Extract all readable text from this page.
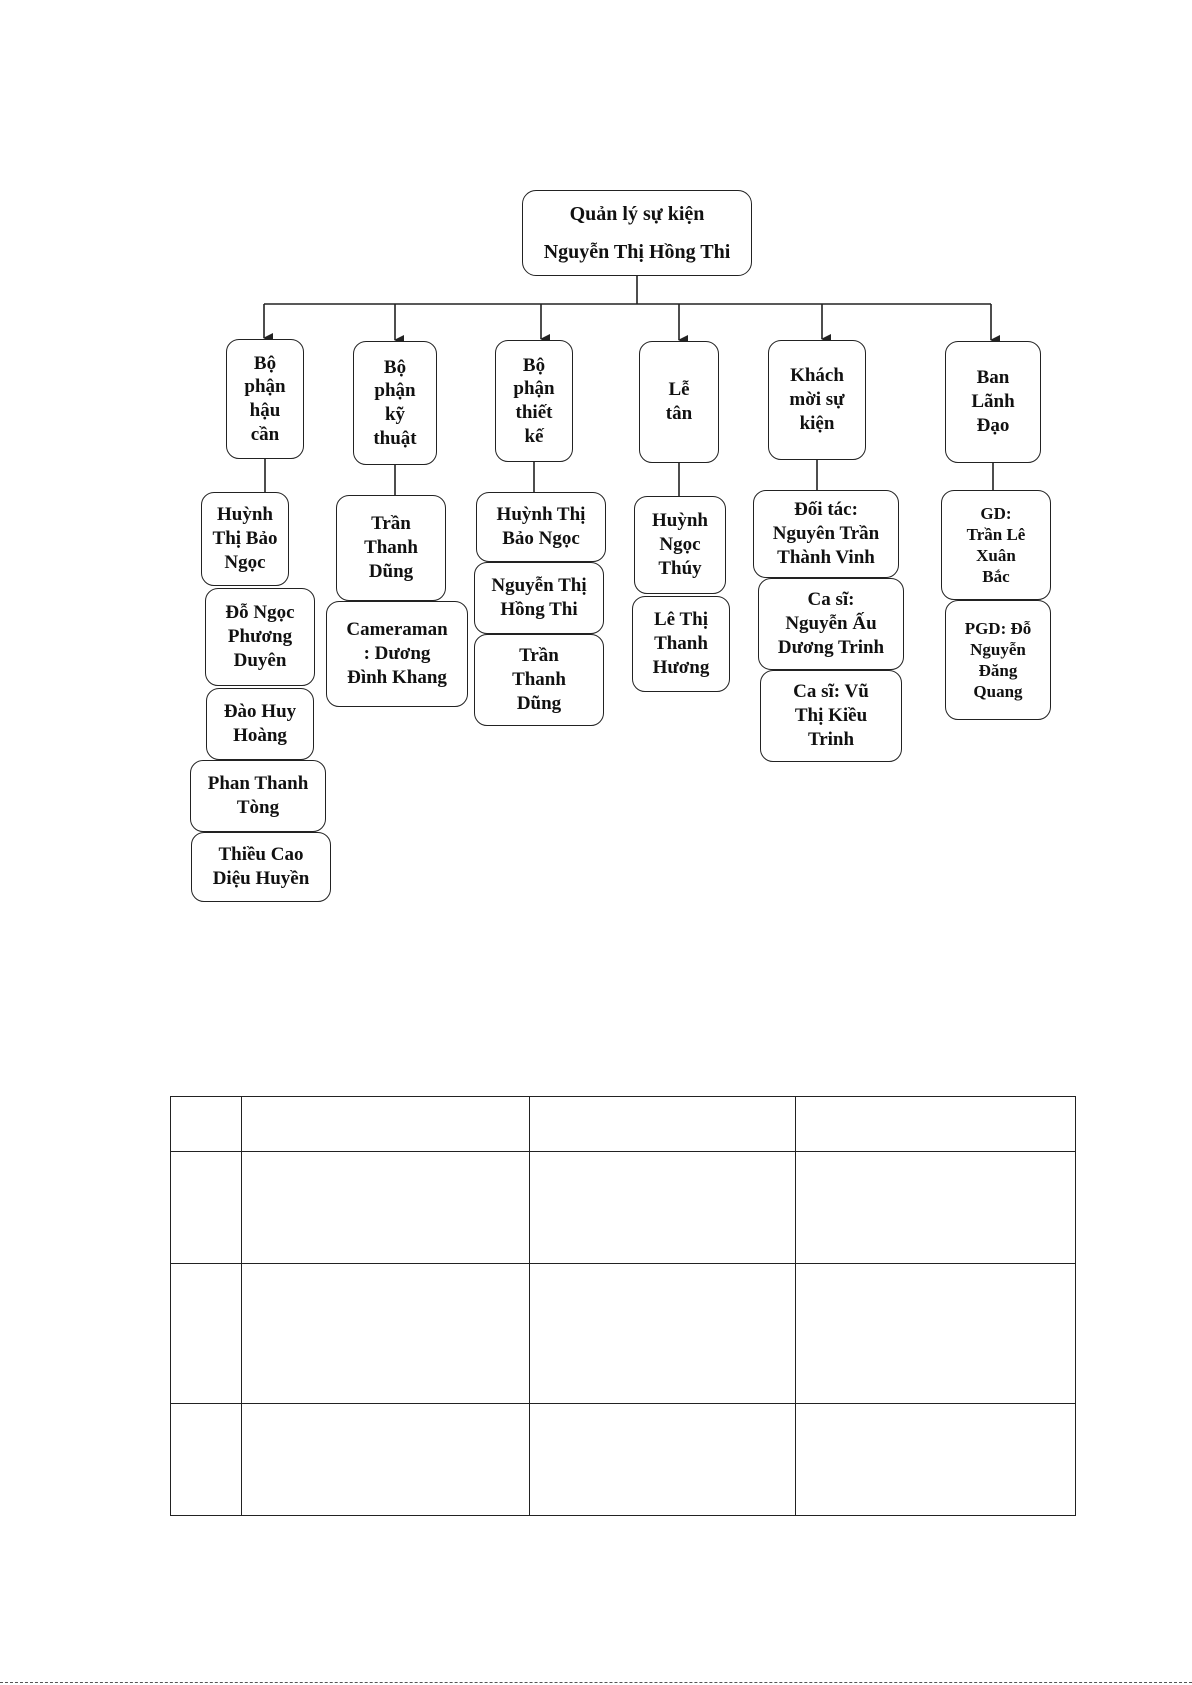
Quản lý sự kiện
Nguyễn Thị Hồng Thi
Bộ
phận
hậu
cần
Huỳnh
Thị Bảo
Ngọc
Đỗ Ngọc
Phương
Duyên
Đào Huy
Hoàng
Phan Thanh
Tòng
Thiều Cao
Diệu Huyền
Bộ
phận
kỹ
thuật
Trần
Thanh
Dũng
Cameraman
: Dương
Đình Khang
Bộ
phận
thiết
kế
Huỳnh Thị
Bảo Ngọc
Nguyễn Thị
Hồng Thi
Trần
Thanh
Dũng
Lễ
tân
Huỳnh
Ngọc
Thúy
Lê Thị
Thanh
Hương
Khách
mời sự
kiện
Đối tác:
Nguyên Trần
Thành Vinh
Ca sĩ:
Nguyễn Ấu
Dương Trinh
Ca sĩ: Vũ
Thị Kiều
Trinh
Ban
Lãnh
Đạo
GD:
Trần Lê
Xuân
Bắc
PGD: Đỗ
Nguyễn
Đăng
Quang
